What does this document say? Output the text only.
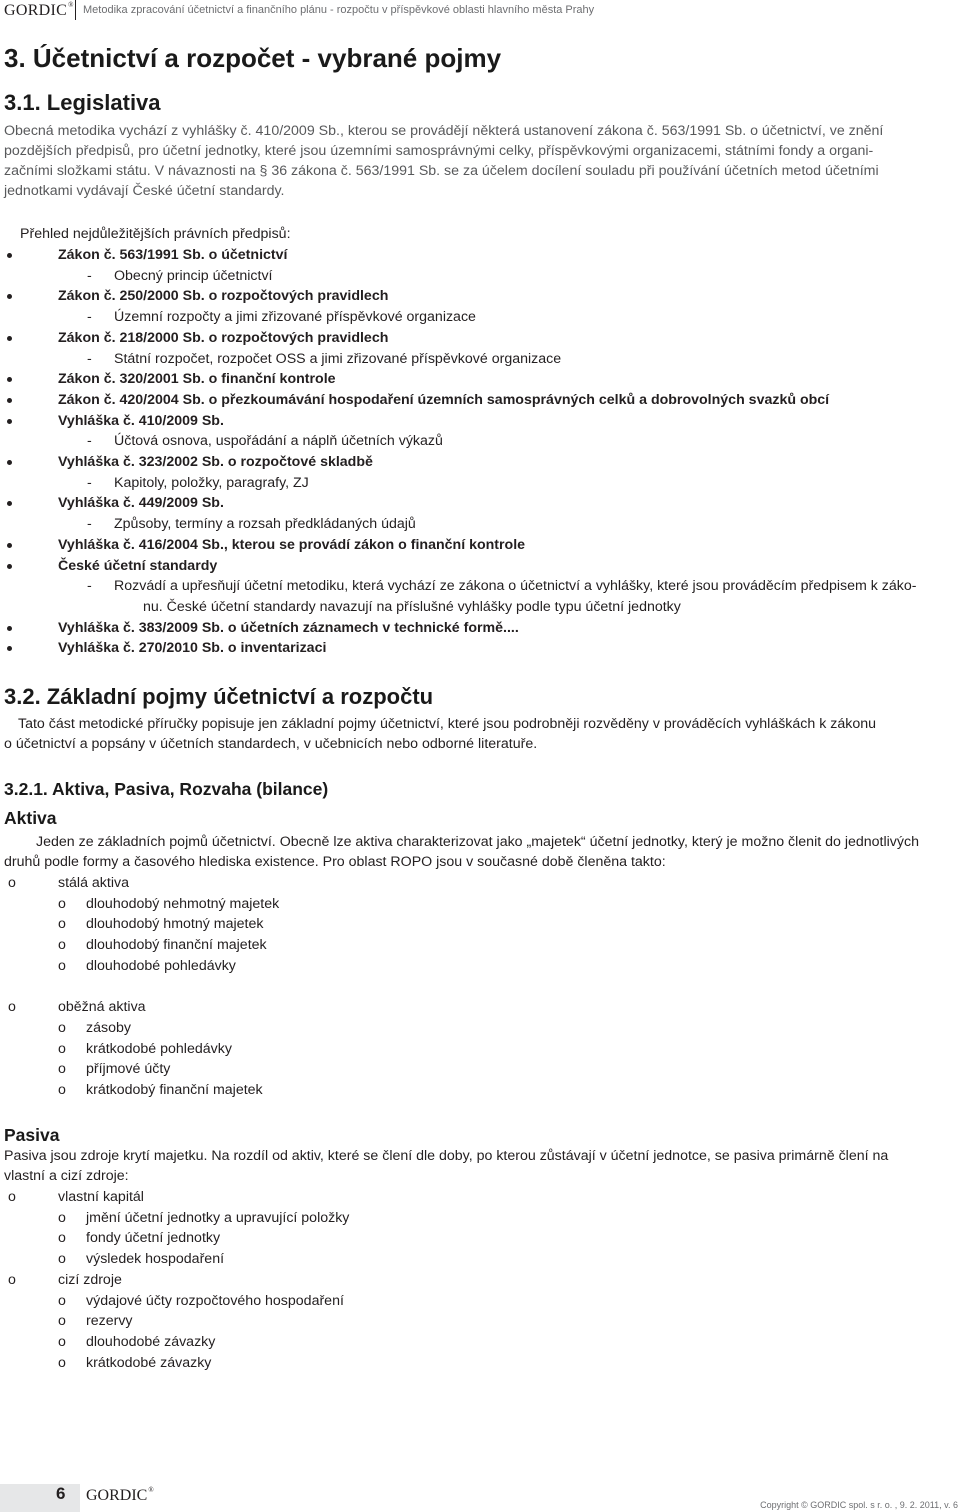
GORDIC® Metodika zpracování účetnictví a finančního plánu - rozpočtu v příspěvkové oblasti hlavního města Prahy
3. Účetnictví a rozpočet - vybrané pojmy
3.1. Legislativa
Obecná metodika vychází z vyhlášky č. 410/2009 Sb., kterou se provádějí některá ustanovení zákona č. 563/1991 Sb. o účetnictví, ve znění
pozdějších předpisů, pro účetní jednotky, které jsou územními samosprávnými celky, příspěvkovými organizacemi, státními fondy a organi-
začními složkami státu. V návaznosti na § 36 zákona č. 563/1991 Sb. se za účelem docílení souladu při používání účetních metod účetními
jednotkami vydávají České účetní standardy.
Přehled nejdůležitějších právních předpisů:
Zákon č. 563/1991 Sb. o účetnictví
- Obecný princip účetnictví
Zákon č. 250/2000 Sb. o rozpočtových pravidlech
- Územní rozpočty a jimi zřizované příspěvkové organizace
Zákon č. 218/2000 Sb. o rozpočtových pravidlech
- Státní rozpočet, rozpočet OSS a jimi zřizované příspěvkové organizace
Zákon č. 320/2001 Sb. o finanční kontrole
Zákon č. 420/2004 Sb. o přezkoumávání hospodaření územních samosprávných celků a dobrovolných svazků obcí
Vyhláška č. 410/2009 Sb.
- Účtová osnova, uspořádání a náplň účetních výkazů
Vyhláška č. 323/2002 Sb. o rozpočtové skladbě
- Kapitoly, položky, paragrafy, ZJ
Vyhláška č. 449/2009 Sb.
- Způsoby, termíny a rozsah předkládaných údajů
Vyhláška č. 416/2004 Sb., kterou se provádí zákon o finanční kontrole
České účetní standardy
- Rozvádí a upřesňují účetní metodiku, která vychází ze zákona o účetnictví a vyhlášky, které jsou prováděcím předpisem k záko-
nu. České účetní standardy navazují na příslušné vyhlášky podle typu účetní jednotky
Vyhláška č. 383/2009 Sb. o účetních záznamech v technické formě....
Vyhláška č. 270/2010 Sb. o inventarizaci
3.2. Základní pojmy účetnictví a rozpočtu
Tato část metodické příručky popisuje jen základní pojmy účetnictví, které jsou podrobněji rozvěděny v prováděcích vyhláškách k zákonu
o účetnictví a popsány v účetních standardech, v učebnicích nebo odborné literatuře.
3.2.1. Aktiva, Pasiva, Rozvaha (bilance)
Aktiva
Jeden ze základních pojmů účetnictví. Obecně lze aktiva charakterizovat jako „majetek“ účetní jednotky, který je možno členit do jednotlivých
druhů podle formy a časového hlediska existence. Pro oblast ROPO jsou v současné době členěna takto:
o	stálá aktiva
o dlouhodobý nehmotný majetek
o dlouhodobý hmotný majetek
o dlouhodobý finanční majetek
o dlouhodobé pohledávky
o	oběžná aktiva
o zásoby
o krátkodobé pohledávky
o příjmové účty
o krátkodobý finanční majetek
Pasiva
Pasiva jsou zdroje krytí majetku. Na rozdíl od aktiv, které se člení dle doby, po kterou zůstávají v účetní jednotce, se pasiva primárně člení na
vlastní a cizí zdroje:
o	vlastní kapitál
o jmění účetní jednotky a upravující položky
o fondy účetní jednotky
o výsledek hospodaření
o	cizí zdroje
o výdajové účty rozpočtového hospodaření
o rezervy
o dlouhodobé závazky
o krátkodobé závazky
6 GORDIC®
Copyright © GORDIC spol. s r. o. , 9. 2. 2011, v. 6
